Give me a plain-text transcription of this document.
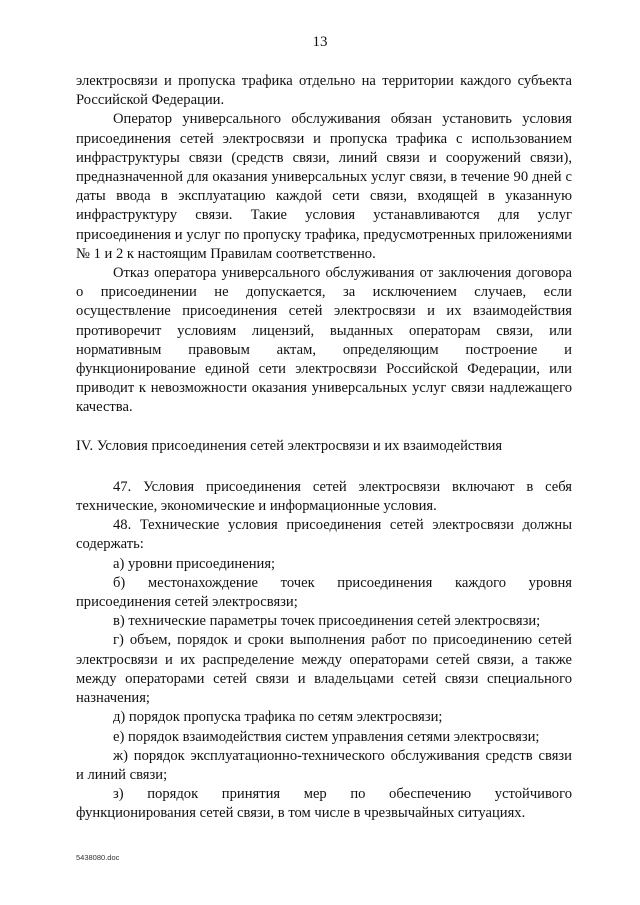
13

электросвязи и пропуска трафика отдельно на территории каждого субъекта Российской Федерации.

Оператор универсального обслуживания обязан установить условия присоединения сетей электросвязи и пропуска трафика с использованием инфраструктуры связи (средств связи, линий связи и сооружений связи), предназначенной для оказания универсальных услуг связи, в течение 90 дней с даты ввода в эксплуатацию каждой сети связи, входящей в указанную инфраструктуру связи. Такие условия устанавливаются для услуг присоединения и услуг по пропуску трафика, предусмотренных приложениями № 1 и 2 к настоящим Правилам соответственно.

Отказ оператора универсального обслуживания от заключения договора о присоединении не допускается, за исключением случаев, если осуществление присоединения сетей электросвязи и их взаимодействия противоречит условиям лицензий, выданных операторам связи, или нормативным правовым актам, определяющим построение и функционирование единой сети электросвязи Российской Федерации, или приводит к невозможности оказания универсальных услуг связи надлежащего качества.

IV. Условия присоединения сетей электросвязи и их взаимодействия

47. Условия присоединения сетей электросвязи включают в себя технические, экономические и информационные условия.

48. Технические условия присоединения сетей электросвязи должны содержать:

а) уровни присоединения;

б) местонахождение точек присоединения каждого уровня присоединения сетей электросвязи;

в) технические параметры точек присоединения сетей электросвязи;

г) объем, порядок и сроки выполнения работ по присоединению сетей электросвязи и их распределение между операторами сетей связи, а также между операторами сетей связи и владельцами сетей связи специального назначения;

д) порядок пропуска трафика по сетям электросвязи;

е) порядок взаимодействия систем управления сетями электросвязи;

ж) порядок эксплуатационно-технического обслуживания средств связи и линий связи;

з) порядок принятия мер по обеспечению устойчивого функционирования сетей связи, в том числе в чрезвычайных ситуациях.

5438080.doc
